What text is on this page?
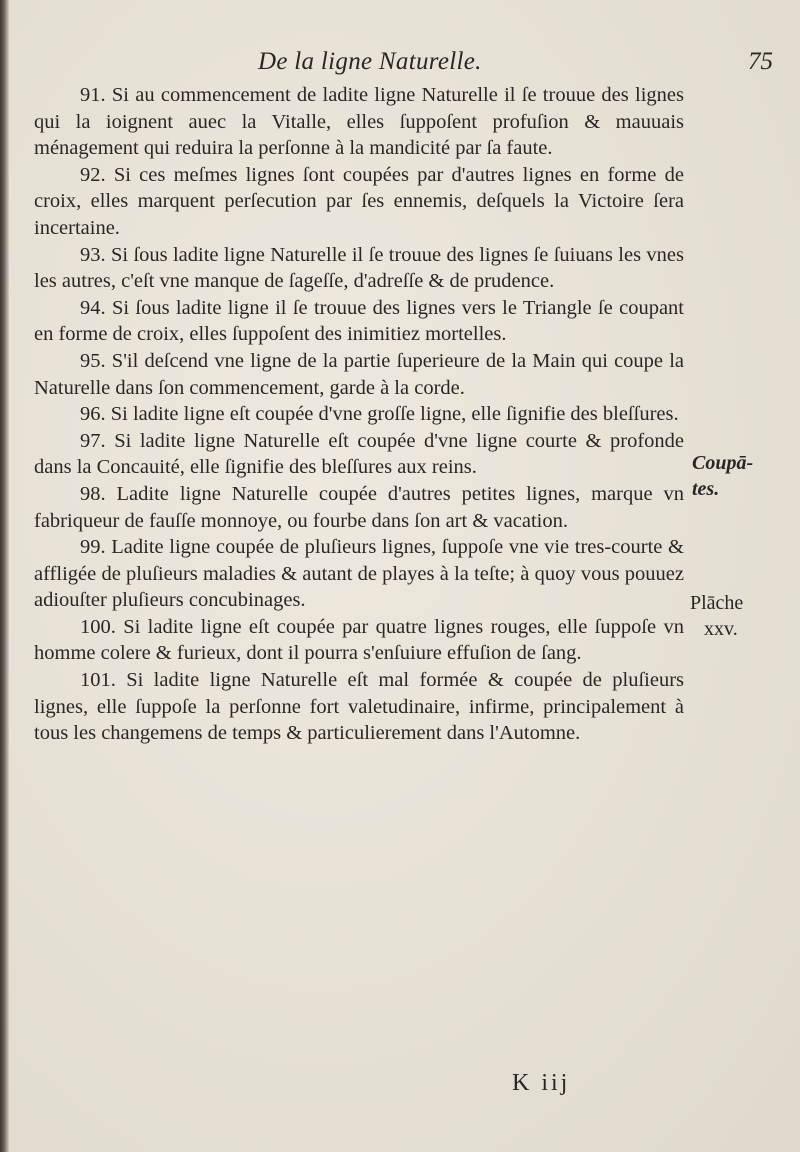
De la ligne Naturelle.	75

91. Si au commencement de ladite ligne Naturelle il ſe trouue des lignes qui la ioignent auec la Vitalle, elles ſuppoſent profuſion & mauuais ménagement qui reduira la perſonne à la mandicité par ſa faute.

92. Si ces meſmes lignes ſont coupées par d'autres lignes en forme de croix, elles marquent perſecution par ſes ennemis, deſquels la Victoire ſera incertaine.

93. Si ſous ladite ligne Naturelle il ſe trouue des lignes ſe ſuiuans les vnes les autres, c'eſt vne manque de ſageſſe, d'adreſſe & de prudence.

94. Si ſous ladite ligne il ſe trouue des lignes vers le Triangle ſe coupant en forme de croix, elles ſuppoſent des inimitiez mortelles.

95. S'il deſcend vne ligne de la partie ſuperieure de la Main qui coupe la Naturelle dans ſon commencement, garde à la corde.

96. Si ladite ligne eſt coupée d'vne groſſe ligne, elle ſignifie des bleſſures.

97. Si ladite ligne Naturelle eſt coupée d'vne ligne courte & profonde dans la Concauité, elle ſignifie des bleſſures aux reins.

98. Ladite ligne Naturelle coupée d'autres petites lignes, marque vn fabriqueur de fauſſe monnoye, ou fourbe dans ſon art & vacation.

99. Ladite ligne coupée de pluſieurs lignes, ſuppoſe vne vie tres-courte & affligée de pluſieurs maladies & autant de playes à la teſte; à quoy vous pouuez adiouſter pluſieurs concubinages.

100. Si ladite ligne eſt coupée par quatre lignes rouges, elle ſuppoſe vn homme colere & furieux, dont il pourra s'enſuiure effuſion de ſang.

101. Si ladite ligne Naturelle eſt mal formée & coupée de pluſieurs lignes, elle ſuppoſe la perſonne fort valetudinaire, infirme, principalement à tous les changemens de temps & particulierement dans l'Automne.

Coupā-
tes.
Plāche
xxv.
K iij
